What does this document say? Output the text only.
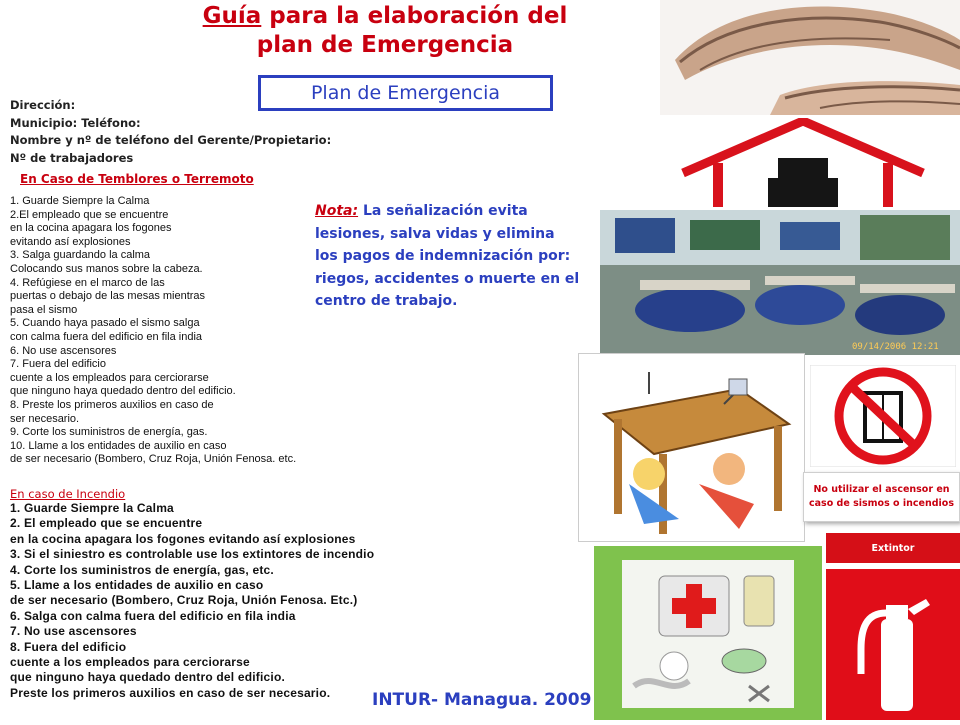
Guía para la elaboración del
plan de Emergencia
Plan de Emergencia
Dirección:
Municipio: Teléfono:
Nombre y nº de teléfono del Gerente/Propietario:
Nº de trabajadores
En Caso de Temblores o Terremoto
1. Guarde Siempre la Calma
2.El empleado que se encuentre
en la cocina apagara los fogones
evitando así explosiones
3. Salga guardando la calma
Colocando sus manos sobre la cabeza.
4. Refúgiese en el marco de las
puertas o debajo de las mesas mientras
pasa el sismo
5. Cuando haya pasado el sismo salga
con calma fuera del edificio en fila india
6. No use ascensores
7. Fuera del edificio
cuente a los empleados para cerciorarse
que ninguno haya quedado dentro del edificio.
8. Preste los primeros auxilios en caso de
ser necesario.
9. Corte los suministros de energía, gas.
10. Llame a los entidades de auxilio en caso
de ser necesario (Bombero, Cruz Roja, Unión Fenosa. etc.
En caso de Incendio
1. Guarde Siempre la Calma
2. El empleado que se encuentre
en la cocina apagara los fogones evitando así explosiones
3. Si el siniestro es controlable use los extintores de incendio
4. Corte los suministros de energía, gas, etc.
5. Llame a los entidades de auxilio en caso
de ser necesario (Bombero, Cruz Roja, Unión Fenosa. Etc.)
6. Salga con calma fuera del edificio en fila india
7. No use ascensores
8. Fuera del edificio
cuente a los empleados para cerciorarse
que ninguno haya quedado dentro del edificio.
Preste los primeros auxilios en caso de ser necesario.
Nota: La señalización evita lesiones, salva vidas y elimina los pagos de indemnización por: riegos, accidentes o muerte en el centro de trabajo.
INTUR- Managua. 2009
09/14/2006 12:21
No utilizar el ascensor en
caso de sismos o incendios
Extintor
